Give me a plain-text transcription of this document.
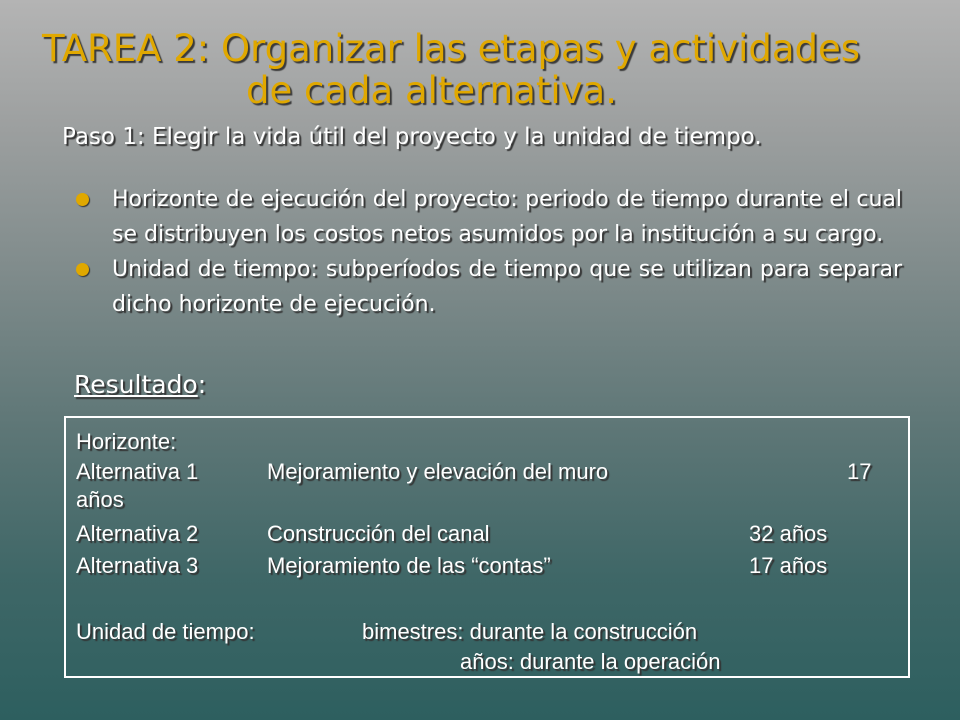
TAREA 2: Organizar las etapas y actividades
de cada alternativa.

Paso 1: Elegir la vida útil del proyecto y la unidad de tiempo.

Horizonte de ejecución del proyecto: periodo de tiempo durante el cual se distribuyen los costos netos asumidos por la institución a su cargo.
Unidad de tiempo: subperíodos de tiempo que se utilizan para separar dicho horizonte de ejecución.
Resultado:
Horizonte:
Alternativa 1	Mejoramiento y elevación del muro	17
años
Alternativa 2	Construcción del canal	32 años
Alternativa 3	Mejoramiento de las “contas”	17 años
Unidad de tiempo:	bimestres: durante la construcción
años: durante la operación
